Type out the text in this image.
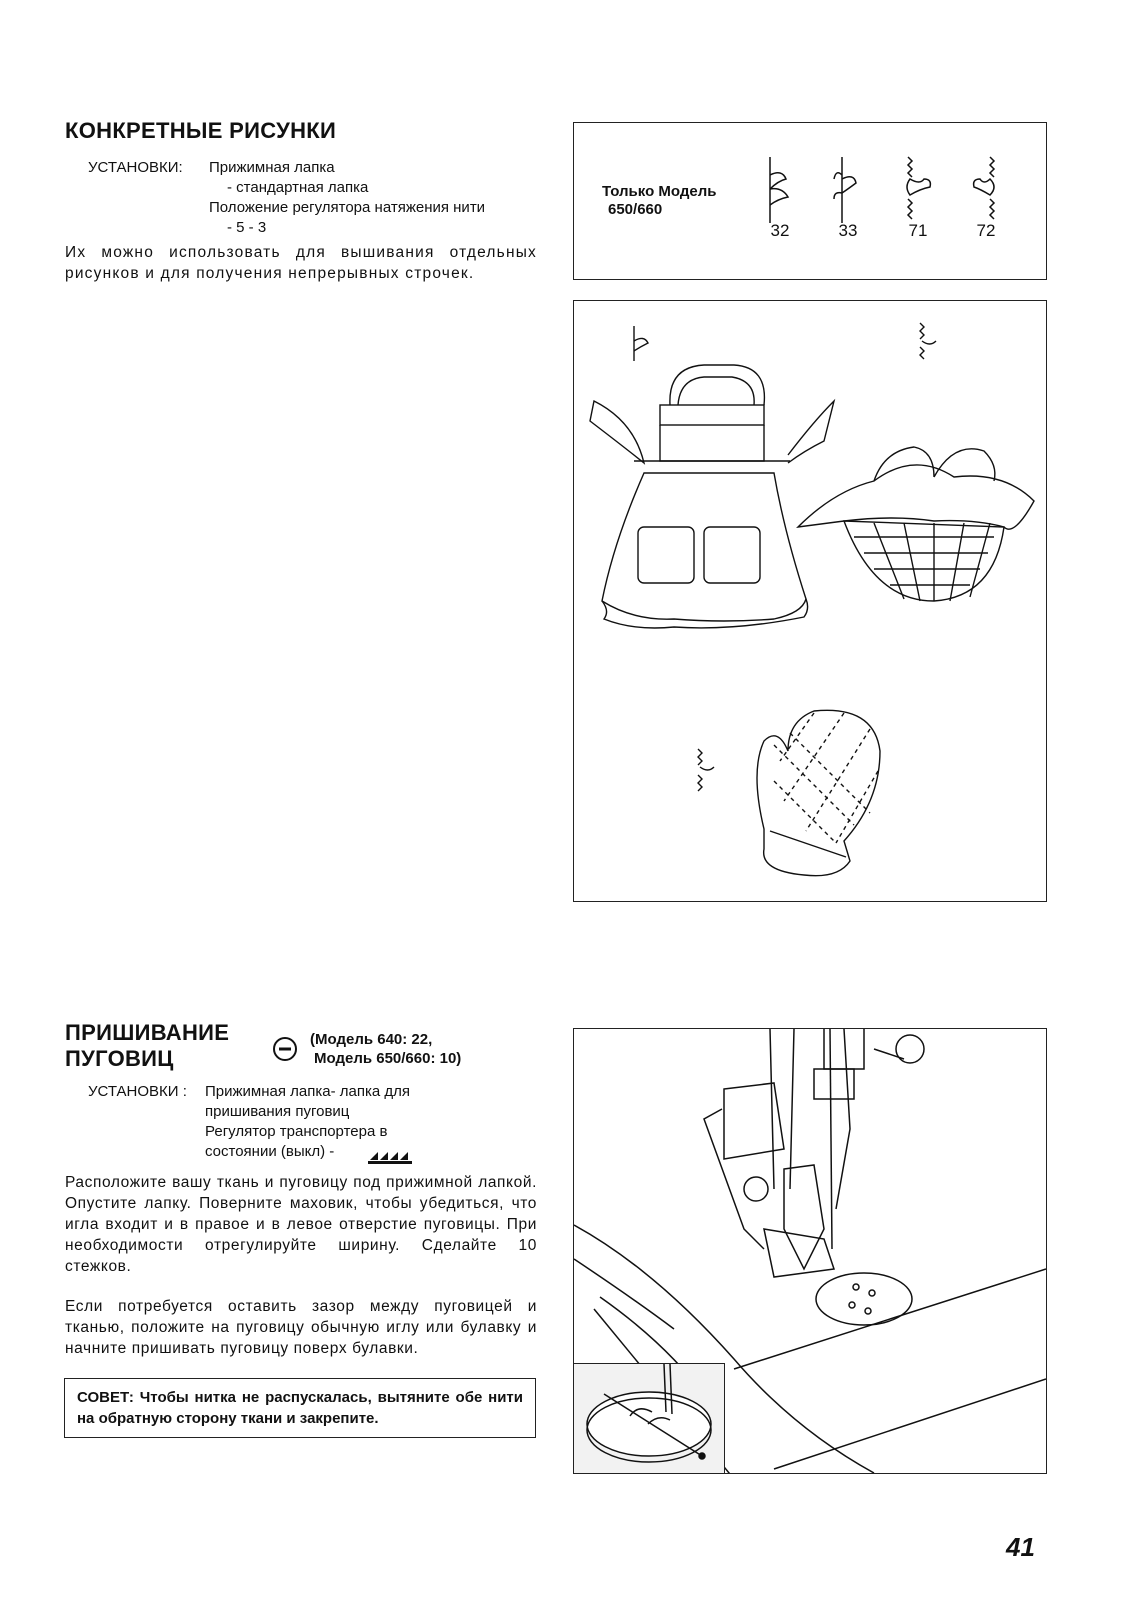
КОНКРЕТНЫЕ РИСУНКИ
УСТАНОВКИ: Прижимная лапка
- стандартная лапка
Положение регулятора натяжения нити
- 5 - 3
Их можно использовать для вышивания отдельных рисунков и для получения непрерывных строчек.
Только Модель
650/660
32	33	71	72
ПРИШИВАНИЕ
ПУГОВИЦ
(Модель 640: 22,
Модель 650/660: 10)
УСТАНОВКИ : Прижимная лапка- лапка для
пришивания пуговиц
Регулятор транспортера в
состоянии (выкл) -
Расположите вашу ткань и пуговицу под прижимной лапкой. Опустите лапку. Поверните маховик, чтобы убедиться, что игла входит и в правое и в левое отверстие пуговицы. При необходимости отрегулируйте ширину. Сделайте 10 стежков.
Если потребуется оставить зазор между пуговицей и тканью, положите на пуговицу обычную иглу или булавку и начните пришивать пуговицу поверх булавки.
СОВЕТ: Чтобы нитка не распускалась, вытяните обе нити на обратную сторону ткани и закрепите.
41
